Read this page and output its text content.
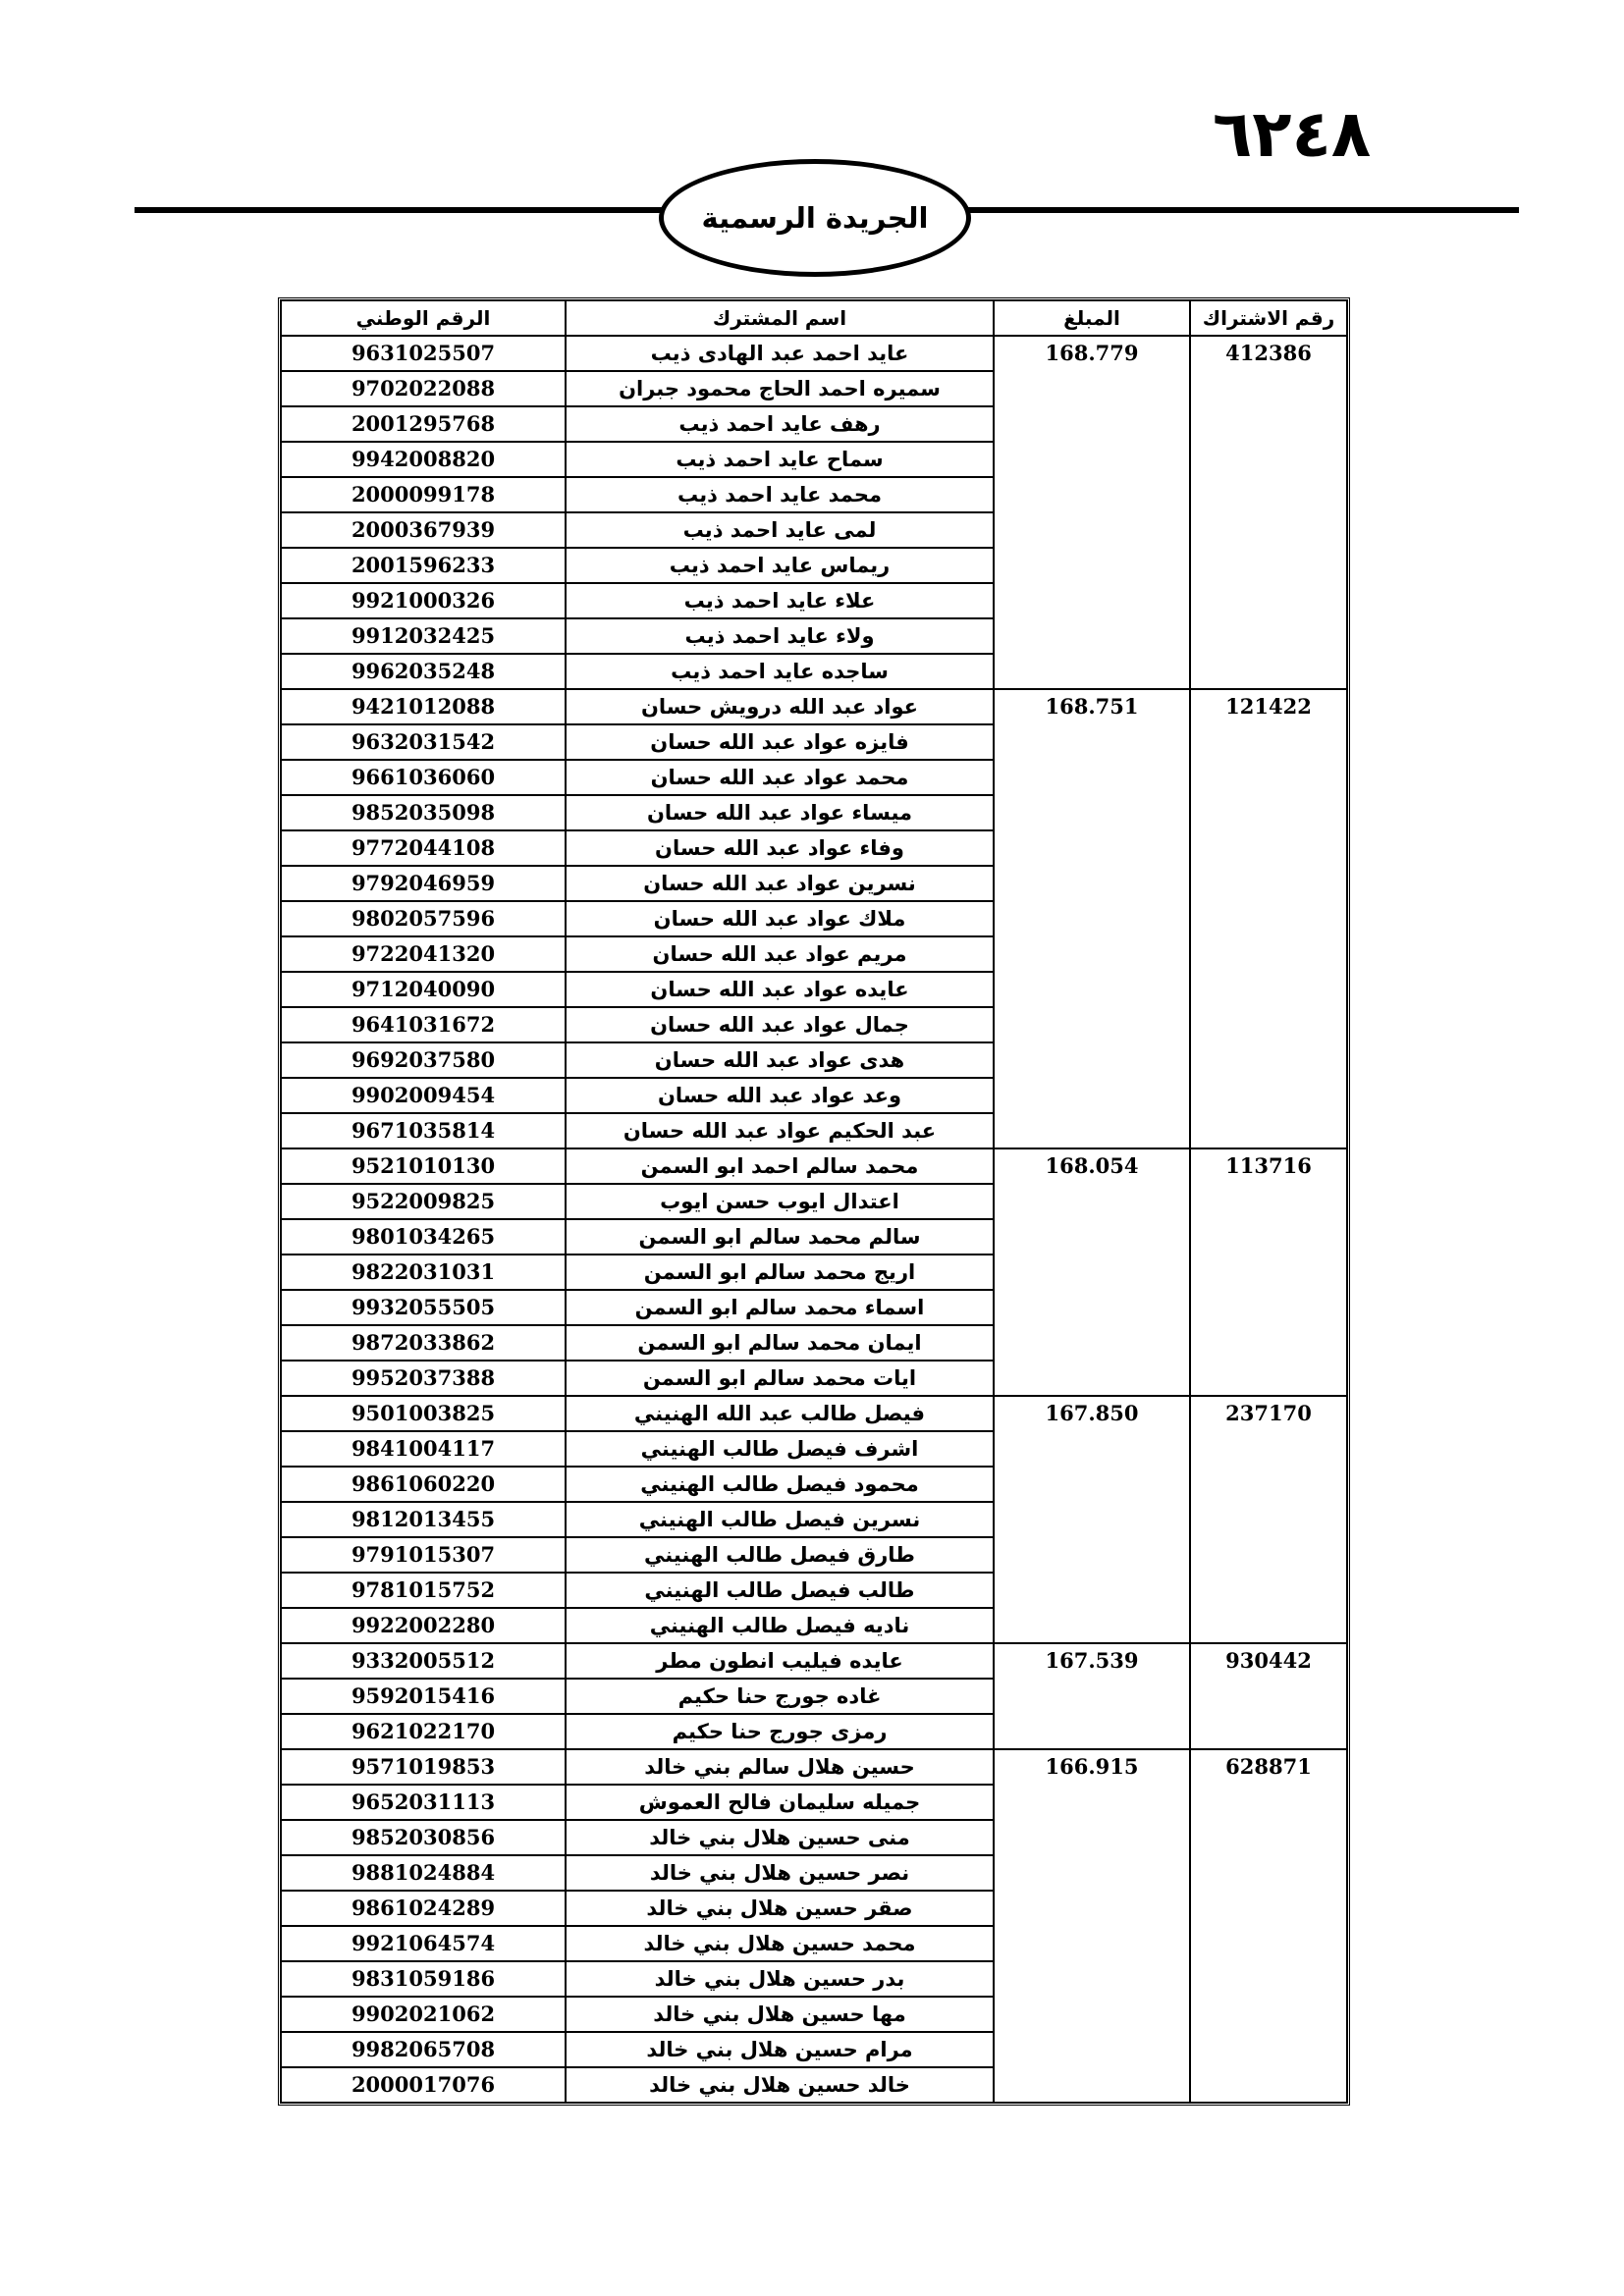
٦٢٤٨
الجريدة الرسمية
رقم الاشتراك	المبلغ	اسم المشترك	الرقم الوطني

412386	168.779	عايد احمد عبد الهادى ذيب	9631025507
		سميره احمد الحاج محمود جبران	9702022088
		رهف عايد احمد ذيب	2001295768
		سماح عايد احمد ذيب	9942008820
		محمد عايد احمد ذيب	2000099178
		لمى عايد احمد ذيب	2000367939
		ريماس عايد احمد ذيب	2001596233
		علاء عايد احمد ذيب	9921000326
		ولاء عايد احمد ذيب	9912032425
		ساجده عايد احمد ذيب	9962035248

121422	168.751	عواد عبد الله درويش حسان	9421012088
		فايزه عواد عبد الله حسان	9632031542
		محمد عواد عبد الله حسان	9661036060
		ميساء عواد عبد الله حسان	9852035098
		وفاء عواد عبد الله حسان	9772044108
		نسرين عواد عبد الله حسان	9792046959
		ملاك عواد عبد الله حسان	9802057596
		مريم عواد عبد الله حسان	9722041320
		عايده عواد عبد الله حسان	9712040090
		جمال عواد عبد الله حسان	9641031672
		هدى عواد عبد الله حسان	9692037580
		وعد عواد عبد الله حسان	9902009454
		عبد الحكيم عواد عبد الله حسان	9671035814

113716	168.054	محمد سالم احمد ابو السمن	9521010130
		اعتدال ايوب حسن ايوب	9522009825
		سالم محمد سالم ابو السمن	9801034265
		اريج محمد سالم ابو السمن	9822031031
		اسماء محمد سالم ابو السمن	9932055505
		ايمان محمد سالم ابو السمن	9872033862
		ايات محمد سالم ابو السمن	9952037388

237170	167.850	فيصل طالب عبد الله الهنيني	9501003825
		اشرف فيصل طالب الهنيني	9841004117
		محمود فيصل طالب الهنيني	9861060220
		نسرين فيصل طالب الهنيني	9812013455
		طارق فيصل طالب الهنيني	9791015307
		طالب فيصل طالب الهنيني	9781015752
		ناديه فيصل طالب الهنيني	9922002280

930442	167.539	عايده فيليب انطون مطر	9332005512
		غاده جورج حنا حكيم	9592015416
		رمزى جورج حنا حكيم	9621022170

628871	166.915	حسين هلال سالم بني خالد	9571019853
		جميله سليمان فالح العموش	9652031113
		منى حسين هلال بني خالد	9852030856
		نصر حسين هلال بني خالد	9881024884
		صقر حسين هلال بني خالد	9861024289
		محمد حسين هلال بني خالد	9921064574
		بدر حسين هلال بني خالد	9831059186
		مها حسين هلال بني خالد	9902021062
		مرام حسين هلال بني خالد	9982065708
		خالد حسين هلال بني خالد	2000017076
